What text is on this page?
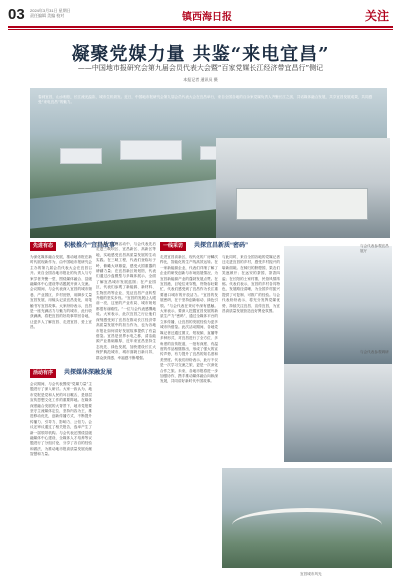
03 2024年3月31日 星期日
责任编辑 美编 校对	镇西海日报	关注
凝聚党媒力量 共鉴“来电宜昌”
——中国地市报研究会第九届会员代表大会暨“百家党媒长江经济带宜昌行”侧记
本报记者 通讯员 摄
春到宜昌，山水相依，长江流光溢彩，城市生机勃发。近日，中国地市报研究会第九届会员代表大会在宜昌举行，来自全国各地的百余家党媒负责人齐聚长江之滨，共话媒体融合发展，共享宜昌发展成果，共同感受“来电宜昌”的魅力。
先进有态	积极推介“宜昌故事”
为深化媒体融合发展，推动地市报在新时代展现新作为，由中国地市报研究会主办的第九届会员代表大会在宜昌召开。来自全国各地市报社的负责人与专家学者齐聚一堂，围绕媒体融合、县级融媒体中心建设等话题展开深入交流。会议期间，与会代表深入宜昌的城市街巷、产业园区、乡村田野，用脚步丈量宜昌发展，用镜头记录宜昌变化，用笔触书写宜昌故事。大家纷纷表示，宜昌是一座充满活力与魅力的城市，此行收获满满，将把宜昌的好故事带回各地，让更多人了解宜昌、走进宜昌、爱上宜昌。
活动有序	共探媒体深融发展
会议期间，与会代表围绕“党媒力量”主题进行了深入研讨。大家一致认为，地市党报是党和人民的耳目喉舌，是基层宣传思想文化工作的重要阵地。在媒体深度融合发展的大背景下，地市党报要坚守主流媒体定位，坚持内容为王，推进移动优先，创新传播方式，不断提升传播力、引导力、影响力、公信力。会议还审议通过了相关报告，选举产生了新一届领导机构。与会代表还围绕县级融媒体中心建设、全媒体人才培养等议题进行了分组讨论，分享了各自的经验和做法，为推动地市报高质量发展贡献智慧和力量。
在为期三天的活动中，与会代表先后走进三峡坝区、宜昌新区、高新区等地，实地感受宜昌高质量发展的生动实践。在三峡工程，代表们登临坛子岭，俯瞰大坝雄姿，感受大国重器的磅礴力量；在宜昌新区规划馆，代表们通过沙盘模型与多媒体展示，全面了解宜昌城市发展蓝图；在产业园区，代表们参观了新能源、新材料、生物医药等企业，见证宜昌产业转型升级的坚实步伐。“宜昌的发展让人眼前一亮，这里的产业布局、城市规划都很有前瞻性。”一位与会代表感慨地说。大家表示，此次宜昌之行让他们深刻感受到了宜昌在推动长江经济带高质量发展中的担当作为，也为各地市报社如何讲好发展故事提供了有益借鉴。宜昌是世界水电之都，清洁能源产业基础雄厚，近年来宜昌坚持生态优先、绿色发展，加快建设长江大保护典范城市，城市面貌日新月异，群众获得感、幸福感不断增强。
一线采访	共探宜昌新质“密码”
走进宜昌高新区，现代化的厂房鳞次栉比，智能化的生产线高效运转。在一家新能源企业，代表们详细了解了企业的研发创新与市场拓展情况，为宜昌新能源产业的蓬勃发展点赞。在宜昌港，巨轮往来穿梭，货物吞吐繁忙，代表们感受到了宜昌作为长江重要港口城市的开放活力。“宜昌的发展密码，在于坚持创新驱动、绿色引领。”与会代表在采访中深有感触。大家表示，要深入挖掘宜昌发展的新质生产力“密码”，通过全媒体平台的立体传播，让宜昌的发展经验为更多城市所借鉴。此次活动期间，各地党媒记者还通过图文、短视频、直播等多种形式，对宜昌进行了全方位、多角度的宣传报道，一批有深度、有温度的作品相继推出，形成了强大的宣传声势，有力提升了宜昌的知名度和美誉度。代表们纷纷表示，此行不仅是一次学习交流之旅，更是一次深化合作之旅。未来，各地市报将进一步加强协作，携手推动媒体融合向纵深发展，共同讲好新时代中国故事。
与此同时，来自全国各地的党媒记者还走进宜昌的乡村，感受乡村振兴的崭新面貌。在秭归的脐橙园，果农们笑逐颜开；在远安的茶园，茶香四溢；在长阳的土家村寨，民俗风情浓郁。代表们表示，宜昌的乡村各具特色，发展路径清晰，为全国乡村振兴提供了可复制、可推广的经验。与会代表纷纷表示，将充分发挥党媒优势，持续关注宜昌、宣传宜昌，为宜昌高质量发展营造良好舆论氛围。
与会代表参观宜昌展厅
与会代表参观调研
宜昌城市风光
